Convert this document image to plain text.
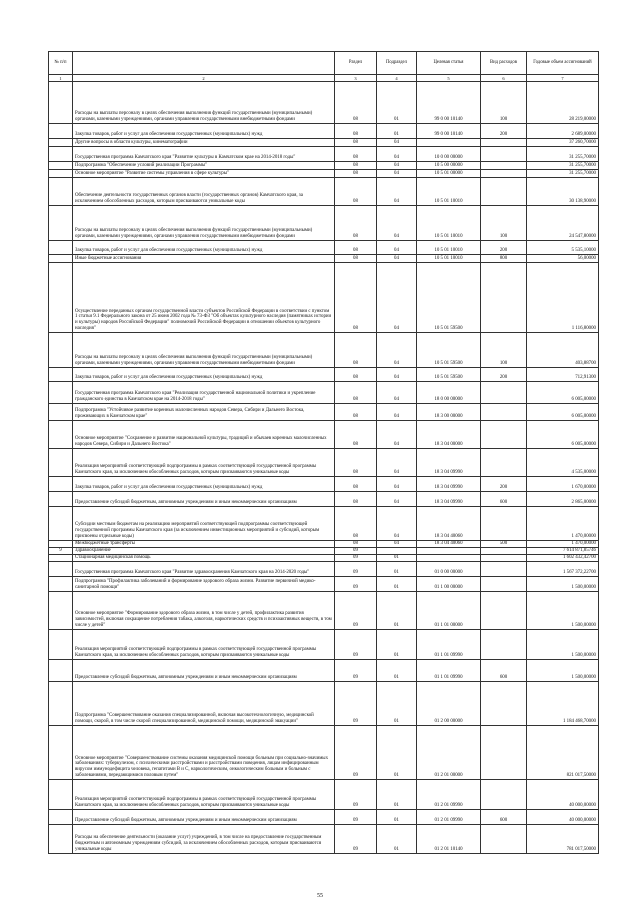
№ п/п		Раздел	Подраздел	Целевая статья	Вид расходов	Годовые объем ассигнований
1	2	3	4	5	6	7
	Расходы на выплаты персоналу в целях обеспечения выполнения функций государственными (муниципальными) органами, казенными учреждениями, органами управления государственными внебюджетными фондами	08	01	99 0 00 10140	100	28 219,00000
	Закупка товаров, работ и услуг для обеспечения государственных (муниципальных) нужд	08	01	99 0 00 10140	200	2 689,00000
	Другие вопросы в области культуры, кинематографии	08	04			37 260,70000
	Государственная программа Камчатского края "Развитие культуры в Камчатском крае на 2014-2018 годы"	08	04	10 0 00 00000		31 255,70000
	Подпрограмма "Обеспечение условий реализации Программы"	08	04	10 5 00 00000		31 255,70000
	Основное мероприятие "Развитие системы управления в сфере культуры"	08	04	10 5 01 00000		31 255,70000
	Обеспечение деятельности государственных органов власти (государственных органов) Камчатского края, за исключением обособленных расходов, которым присваиваются уникальные коды	08	04	10 5 01 10010		30 138,90000
	Расходы на выплаты персоналу в целях обеспечения выполнения функций государственными (муниципальными) органами, казенными учреждениями, органами управления государственными внебюджетными фондами	08	04	10 5 01 10010	100	24 547,80000
	Закупка товаров, работ и услуг для обеспечения государственных (муниципальных) нужд	08	04	10 5 01 10010	200	5 535,10000
	Иные бюджетные ассигнования	08	04	10 5 01 10010	800	56,00000
	Осуществление переданных органам государственной власти субъектов Российской Федерации в соответствии с пунктом 1 статьи 9.1 Федерального закона от 25 июня 2002 года № 73-ФЗ "Об объектах культурного наследия (памятниках истории и культуры) народов Российской Федерации" полномочий Российской Федерации в отношении объектов культурного наследия"	08	04	10 5 01 59500		1 116,80000
	Расходы на выплаты персоналу в целях обеспечения выполнения функций государственными (муниципальными) органами, казенными учреждениями, органами управления государственными внебюджетными фондами	08	04	10 5 01 59500	100	403,88700
	Закупка товаров, работ и услуг для обеспечения государственных (муниципальных) нужд	08	04	10 5 01 59500	200	712,91300
	Государственная программа Камчатского края "Реализация государственной национальной политики и укрепление гражданского единства в Камчатском крае на 2014-2018 годы"	08	04	18 0 00 00000		6 005,00000
	Подпрограмма "Устойчивое развитие коренных малочисленных народов Севера, Сибири и Дальнего Востока, проживающих в Камчатском крае"	08	04	18 3 00 00000		6 005,00000
	Основное мероприятие "Сохранение и развитие национальной культуры, традиций и обычаев коренных малочисленных народов Севера, Сибири и Дальнего Востока"	08	04	18 3 04 00000		6 005,00000
	Реализация мероприятий соответствующей подпрограммы в рамках соответствующей государственной программы Камчатского края, за исключением обособленных расходов, которым присваиваются уникальные коды	08	04	18 3 04 09990		4 535,00000
	Закупка товаров, работ и услуг для обеспечения государственных (муниципальных) нужд	08	04	18 3 04 09990	200	1 670,00000
	Предоставление субсидий бюджетным, автономным учреждениям и иным некоммерческим организациям	08	04	18 3 04 09990	600	2 865,00000
	Субсидии местным бюджетам на реализацию мероприятий соответствующей подпрограммы соответствующей государственной программы Камчатского края (за исключением инвестиционных мероприятий и субсидий, которым присвоены отдельные коды)	08	04	18 3 04 40060		1 470,00000
	Межбюджетные трансферты	08	04	18 3 04 40060	500	1 470,00000
9	Здравоохранение	09				7 614 871,85746
	Стационарная медицинская помощь	09	01			1 602 432,42700
	Государственная программа Камчатского края "Развитие здравоохранения Камчатского края на 2014-2020 годы"	09	01	01 0 00 00000		1 567 372,22700
	Подпрограмма "Профилактика заболеваний и формирование здорового образа жизни. Развитие первичной медико-санитарной помощи"	09	01	01 1 00 00000		1 500,00000
	Основное мероприятие "Формирование здорового образа жизни, в том числе у детей, профилактика развития зависимостей, включая сокращение потребления табака, алкоголя, наркотических средств и психоактивных веществ, в том числе у детей"	09	01	01 1 01 00000		1 500,00000
	Реализация мероприятий соответствующей подпрограммы в рамках соответствующей государственной программы Камчатского края, за исключением обособленных расходов, которым присваиваются уникальные коды	09	01	01 1 01 09990		1 500,00000
	Предоставление субсидий бюджетным, автономным учреждениям и иным некоммерческим организациям	09	01	01 1 01 09990	600	1 500,00000
	Подпрограмма "Совершенствование оказания специализированной, включая высокотехнологичную, медицинской помощи, скорой, в том числе скорой специализированной, медицинской помощи, медицинской эвакуации"	09	01	01 2 00 00000		1 184 468,70000
	Основное мероприятие "Совершенствование системы оказания медицинской помощи больным при социально-значимых заболеваниях: туберкулезом, с психическими расстройствами и расстройствами поведения, лицам инфицированным вирусом иммунодефицита человека, гепатитами В и С, наркологическим, онкологическим больным и больным с заболеваниями, передающимися половым путем"	09	01	01 2 01 00000		821 017,50000
	Реализация мероприятий соответствующей подпрограммы в рамках соответствующей государственной программы Камчатского края, за исключением обособленных расходов, которым присваиваются уникальные коды	09	01	01 2 01 09990		40 000,00000
	Предоставление субсидий бюджетным, автономным учреждениям и иным некоммерческим организациям	09	01	01 2 01 09990	600	40 000,00000
	Расходы на обеспечение деятельности (оказание услуг) учреждений, в том числе на предоставление государственным бюджетным и автономным учреждениям субсидий, за исключением обособленных расходов, которым присваиваются уникальные коды	09	01	01 2 01 10140		781 017,50000
55
